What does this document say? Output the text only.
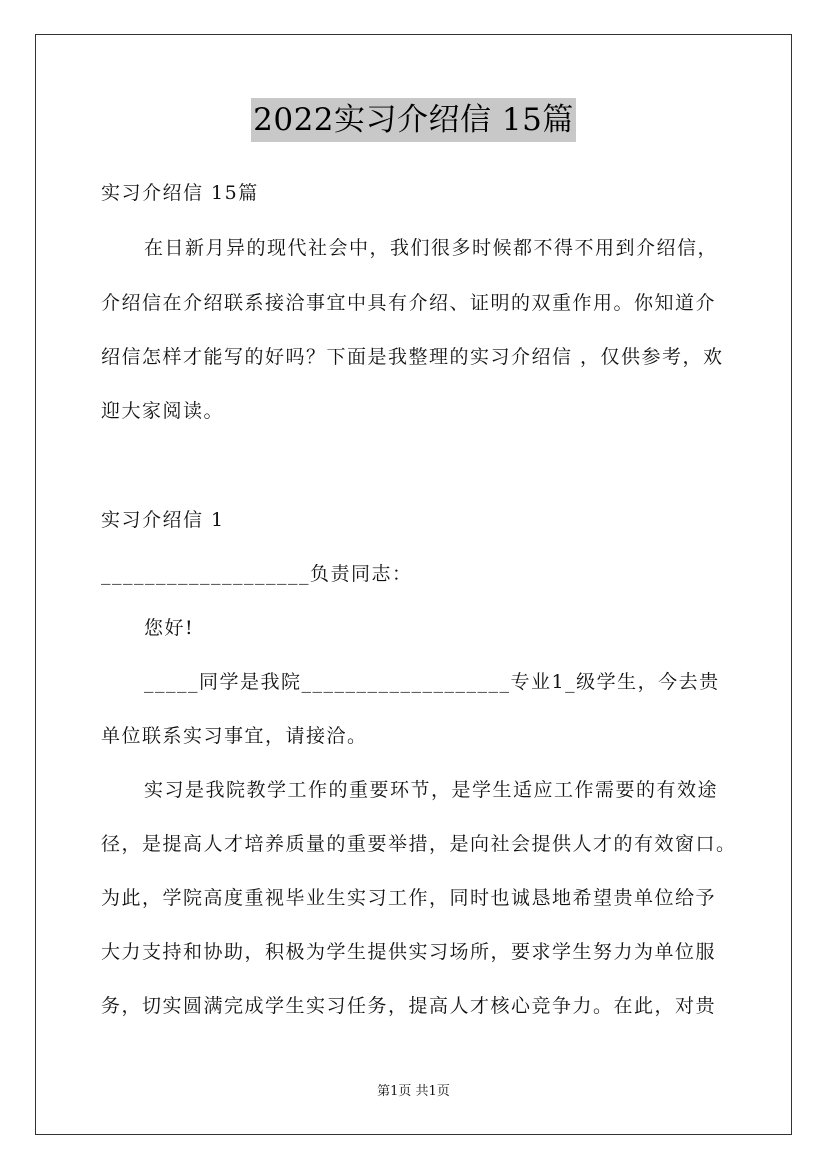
2022实习介绍信 15篇
实习介绍信 15篇
在日新月异的现代社会中，我们很多时候都不得不用到介绍信，
介绍信在介绍联系接洽事宜中具有介绍、证明的双重作用。你知道介
绍信怎样才能写的好吗？下面是我整理的实习介绍信 ，仅供参考，欢
迎大家阅读。
实习介绍信 1
___________________负责同志：
您好!
_____同学是我院___________________专业1_级学生，今去贵
单位联系实习事宜，请接洽。
实习是我院教学工作的重要环节，是学生适应工作需要的有效途
径，是提高人才培养质量的重要举措，是向社会提供人才的有效窗口。
为此，学院高度重视毕业生实习工作，同时也诚恳地希望贵单位给予
大力支持和协助，积极为学生提供实习场所，要求学生努力为单位服
务，切实圆满完成学生实习任务，提高人才核心竞争力。在此，对贵
第1页 共1页
